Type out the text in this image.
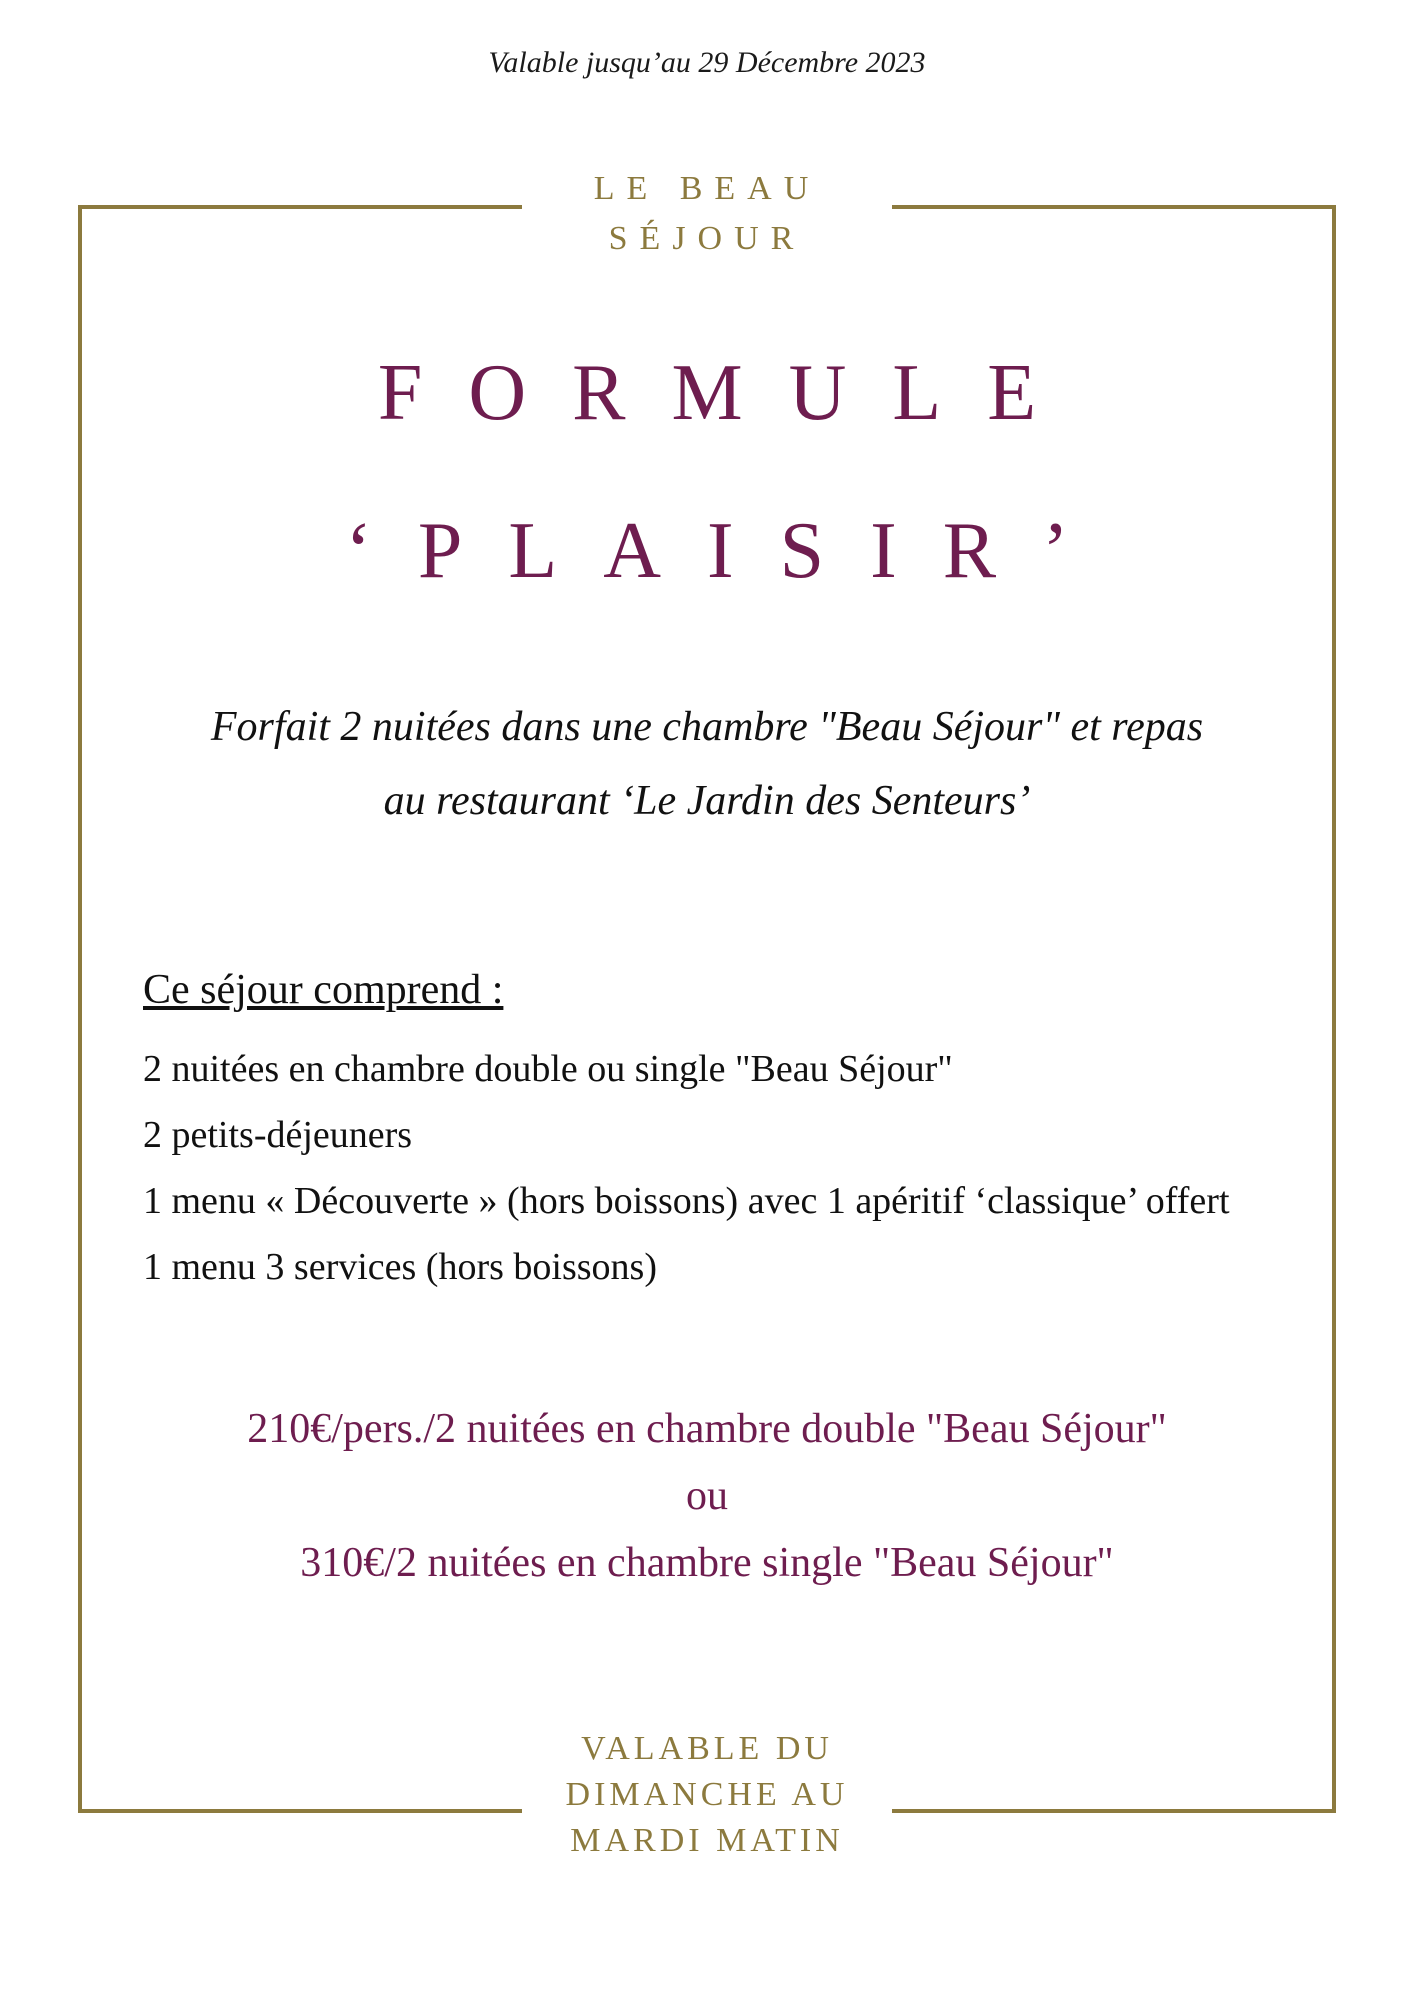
Valable jusqu’au 29 Décembre 2023
LE BEAU
SÉJOUR
FORMULE
‘PLAISIR’
Forfait 2 nuitées dans une chambre "Beau Séjour" et repas
au restaurant ‘Le Jardin des Senteurs’
Ce séjour comprend :
2 nuitées en chambre double ou single "Beau Séjour"
2 petits-déjeuners
1 menu « Découverte » (hors boissons) avec 1 apéritif ‘classique’ offert
1 menu 3 services (hors boissons)
210€/pers./2 nuitées en chambre double "Beau Séjour"
ou
310€/2 nuitées en chambre single "Beau Séjour"
VALABLE DU
DIMANCHE AU
MARDI MATIN
